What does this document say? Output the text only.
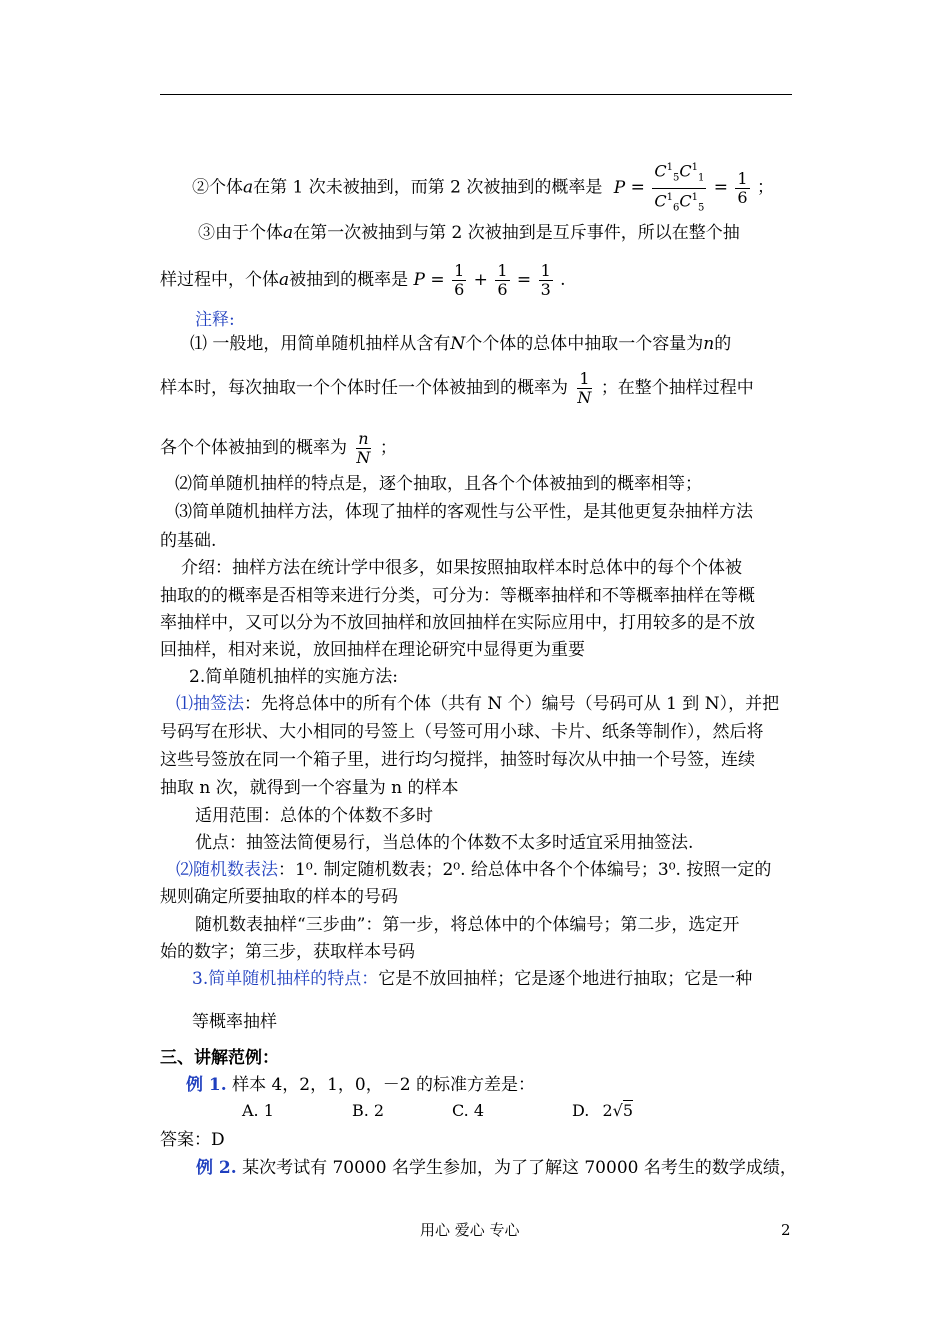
②个体a在第 1 次未被抽到，而第 2 次被抽到的概率是 $P = \frac{C^1_5C^1_1}{C^1_6C^1_5} = \frac{1}{6}$ ；
③由于个体a在第一次被抽到与第 2 次被抽到是互斥事件，所以在整个抽
样过程中，个体a被抽到的概率是 $P = \frac{1}{6} + \frac{1}{6} = \frac{1}{3}$ .
注释:
⑴ 一般地，用简单随机抽样从含有N个个体的总体中抽取一个容量为n的
样本时，每次抽取一个个体时任一个体被抽到的概率为 $\frac{1}{N}$ ；在整个抽样过程中
各个个体被抽到的概率为 $\frac{n}{N}$ ；
⑵简单随机抽样的特点是，逐个抽取，且各个个体被抽到的概率相等；
⑶简单随机抽样方法，体现了抽样的客观性与公平性，是其他更复杂抽样方法
的基础.
介绍：抽样方法在统计学中很多，如果按照抽取样本时总体中的每个个体被
抽取的的概率是否相等来进行分类，可分为：等概率抽样和不等概率抽样在等概
率抽样中，又可以分为不放回抽样和放回抽样在实际应用中，打用较多的是不放
回抽样，相对来说，放回抽样在理论研究中显得更为重要
2.简单随机抽样的实施方法:
⑴抽签法：先将总体中的所有个体（共有 N 个）编号（号码可从 1 到 N），并把
号码写在形状、大小相同的号签上（号签可用小球、卡片、纸条等制作），然后将
这些号签放在同一个箱子里，进行均匀搅拌，抽签时每次从中抽一个号签，连续
抽取 n 次，就得到一个容量为 n 的样本
适用范围：总体的个体数不多时
优点：抽签法简便易行，当总体的个体数不太多时适宜采用抽签法.
⑵随机数表法：1⁰. 制定随机数表；2⁰. 给总体中各个个体编号；3⁰. 按照一定的
规则确定所要抽取的样本的号码
随机数表抽样“三步曲”：第一步，将总体中的个体编号；第二步，选定开
始的数字；第三步，获取样本号码
3.简单随机抽样的特点：它是不放回抽样；它是逐个地进行抽取；它是一种
等概率抽样
三、讲解范例：
例 1. 样本 4，2，1，0，－2 的标准方差是：
A. 1	B. 2	C. 4	D. 2√5
答案：D
例 2. 某次考试有 70000 名学生参加，为了了解这 70000 名考生的数学成绩，
用心 爱心 专心	2
